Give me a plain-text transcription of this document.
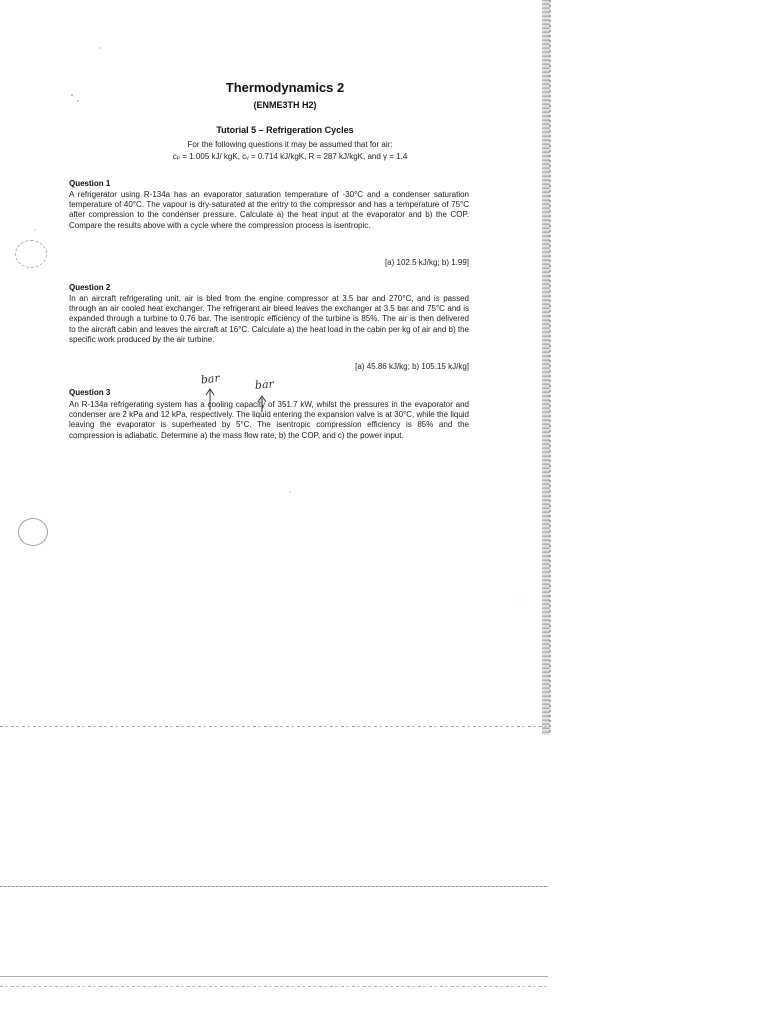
Thermodynamics 2
(ENME3TH H2)
Tutorial 5 – Refrigeration Cycles
For the following questions it may be assumed that for air:
cₚ = 1.005 kJ/ kgK, cᵥ = 0.714 kJ/kgK, R = 287 kJ/kgK, and γ = 1.4
Question 1
A refrigerator using R-134a has an evaporator saturation temperature of -30°C and a condenser saturation temperature of 40°C. The vapour is dry-saturated at the entry to the compressor and has a temperature of 75°C after compression to the condenser pressure. Calculate a) the heat input at the evaporator and b) the COP. Compare the results above with a cycle where the compression process is isentropic.
[a) 102.5 kJ/kg; b) 1.99]
Question 2
In an aircraft refrigerating unit, air is bled from the engine compressor at 3.5 bar and 270°C, and is passed through an air cooled heat exchanger. The refrigerant air bleed leaves the exchanger at 3.5 bar and 75°C and is expanded through a turbine to 0.76 bar. The isentropic efficiency of the turbine is 85%. The air is then delivered to the aircraft cabin and leaves the aircraft at 16°C. Calculate a) the heat load in the cabin per kg of air and b) the specific work produced by the air turbine.
[a) 45.86 kJ/kg; b) 105.15 kJ/kg]
Question 3
An R-134a refrigerating system has a cooling capacity of 351.7 kW, whilst the pressures in the evaporator and condenser are 2 kPa and 12 kPa, respectively. The liquid entering the expansion valve is at 30°C, while the liquid leaving the evaporator is superheated by 5°C. The isentropic compression efficiency is 85% and the compression is adiabatic. Determine a) the mass flow rate, b) the COP, and c) the power input.
bar	bar
